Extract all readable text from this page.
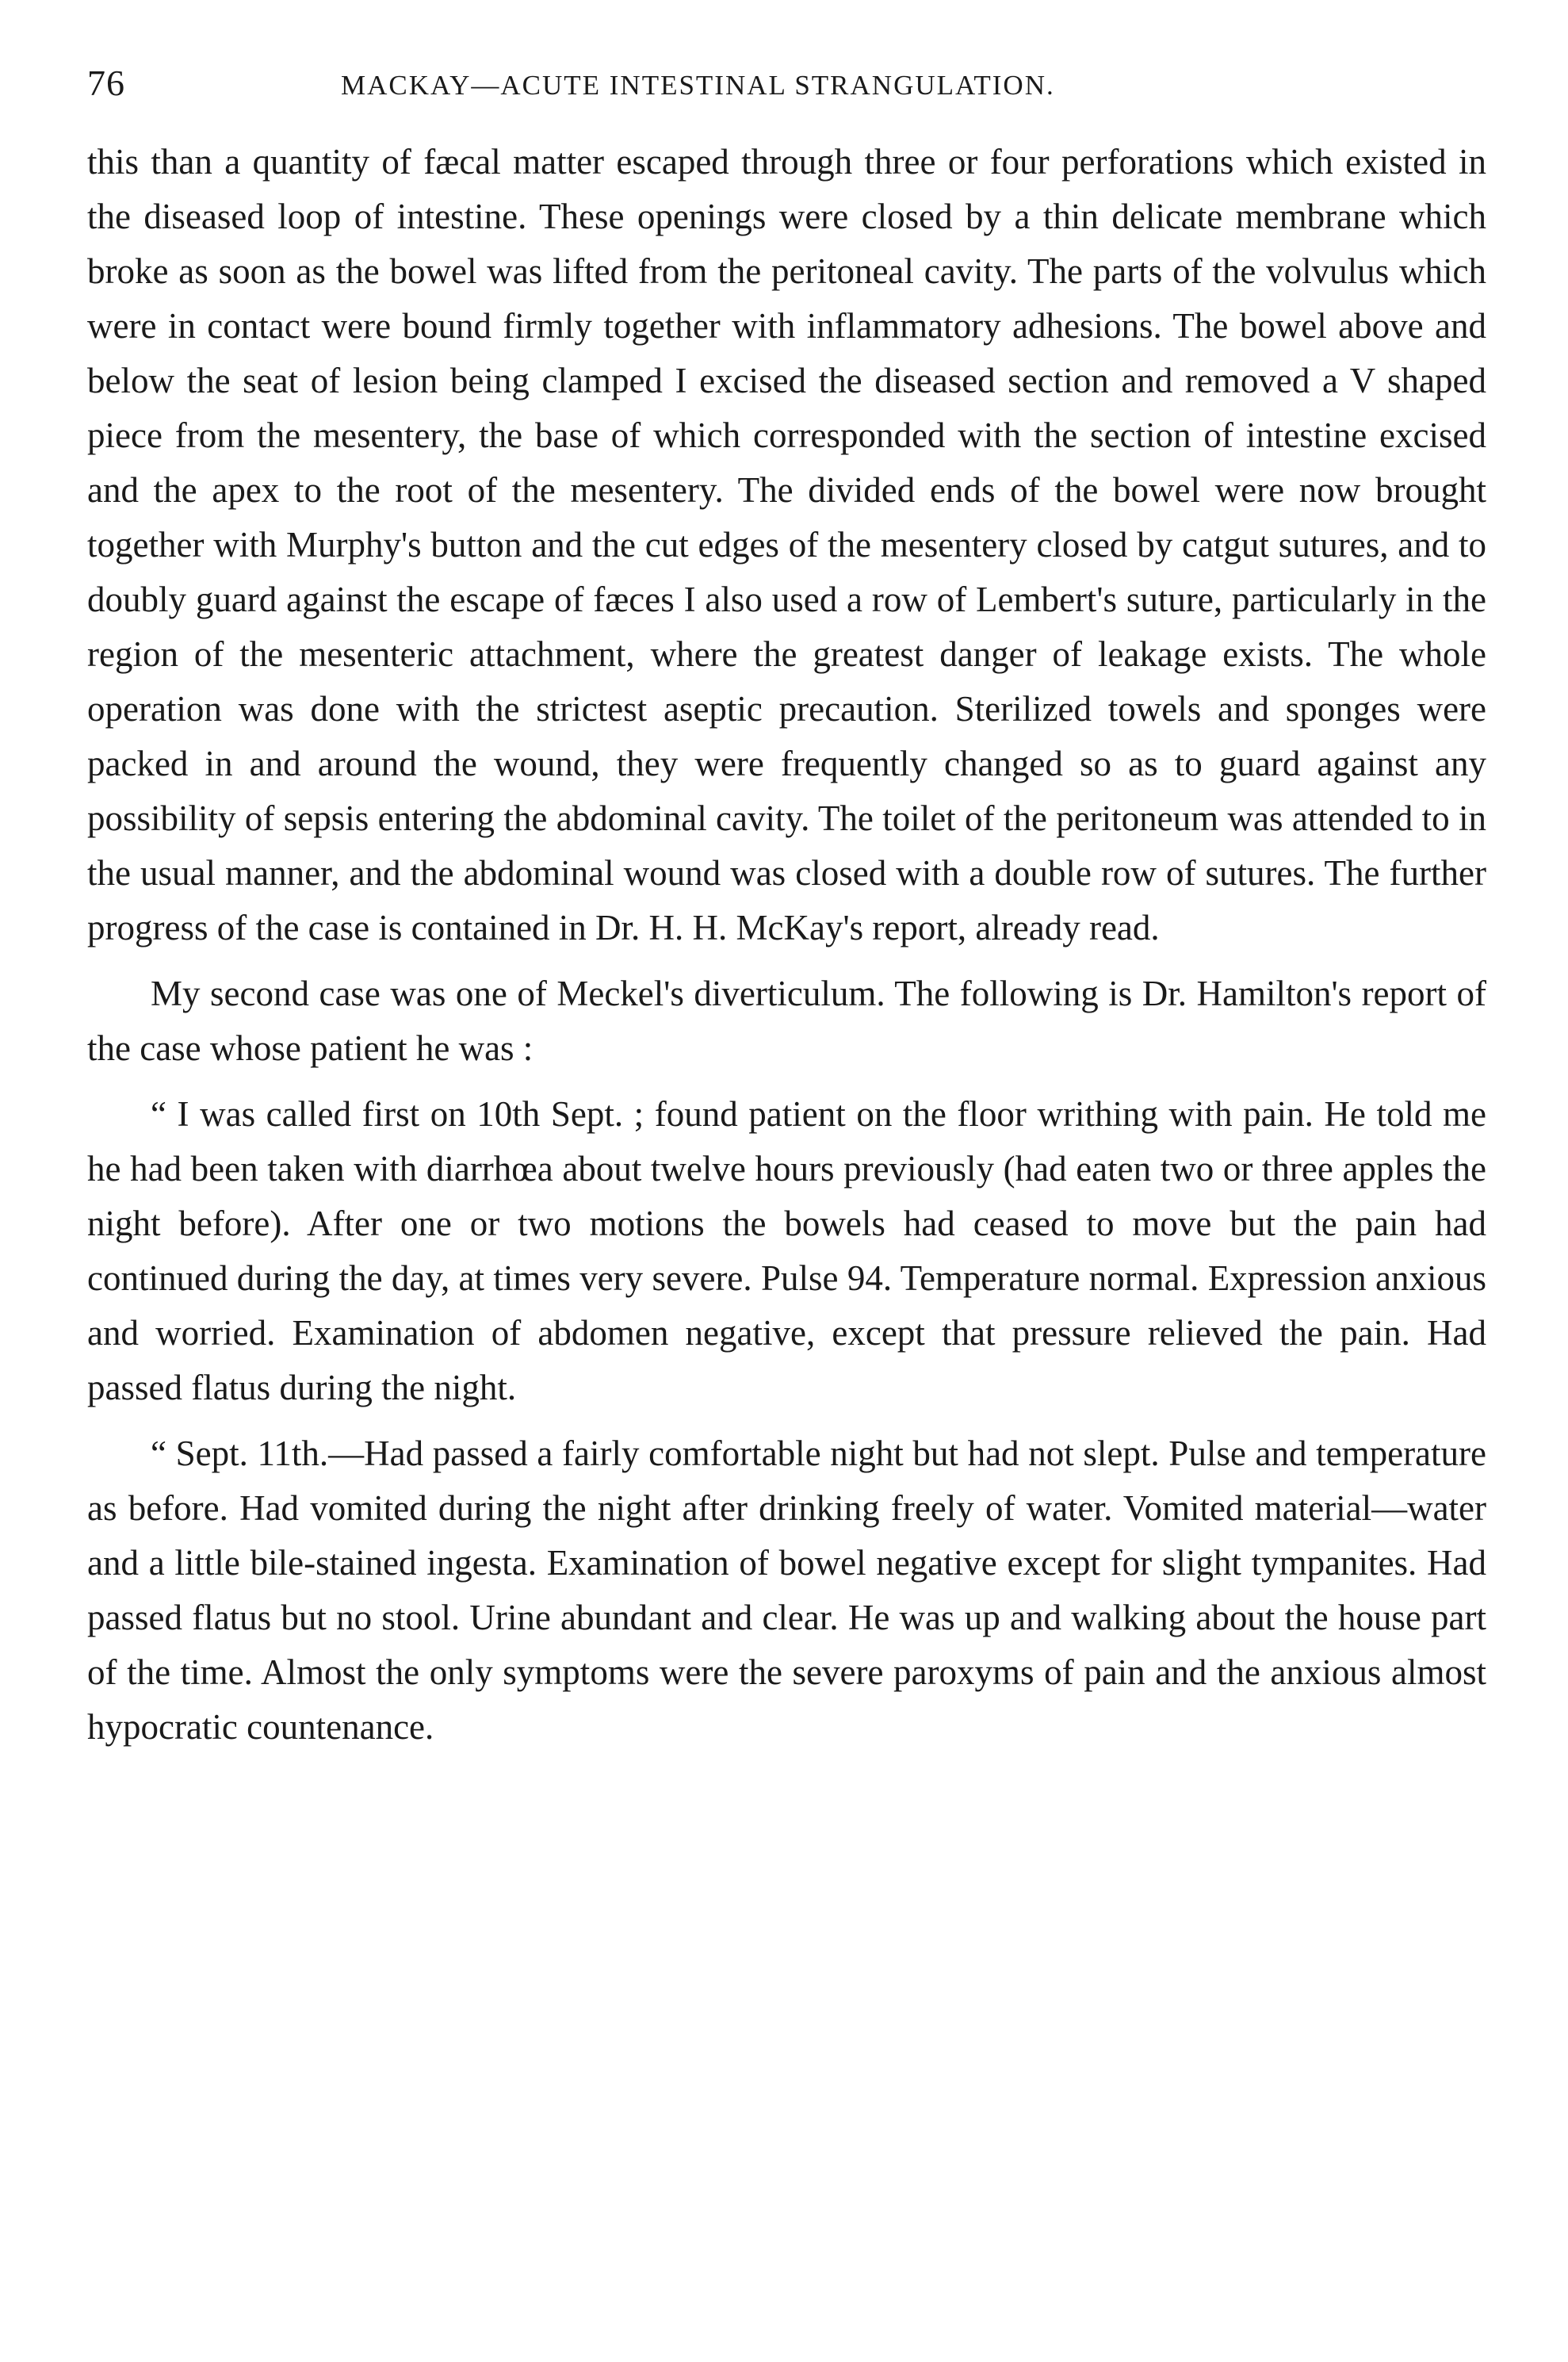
76	MACKAY—ACUTE INTESTINAL STRANGULATION.

this than a quantity of fæcal matter escaped through three or four perforations which existed in the diseased loop of intestine. These openings were closed by a thin delicate membrane which broke as soon as the bowel was lifted from the peritoneal cavity. The parts of the volvulus which were in contact were bound firmly together with inflammatory adhesions. The bowel above and below the seat of lesion being clamped I excised the diseased section and removed a V shaped piece from the mesentery, the base of which corresponded with the section of intestine excised and the apex to the root of the mesentery. The divided ends of the bowel were now brought together with Murphy's button and the cut edges of the mesentery closed by catgut sutures, and to doubly guard against the escape of fæces I also used a row of Lembert's suture, particularly in the region of the mesenteric attachment, where the greatest danger of leakage exists. The whole operation was done with the strictest aseptic precaution. Sterilized towels and sponges were packed in and around the wound, they were frequently changed so as to guard against any possibility of sepsis entering the abdominal cavity. The toilet of the peritoneum was attended to in the usual manner, and the abdominal wound was closed with a double row of sutures. The further progress of the case is contained in Dr. H. H. McKay's report, already read.

My second case was one of Meckel's diverticulum. The following is Dr. Hamilton's report of the case whose patient he was :

“ I was called first on 10th Sept. ; found patient on the floor writhing with pain. He told me he had been taken with diarrhœa about twelve hours previously (had eaten two or three apples the night before). After one or two motions the bowels had ceased to move but the pain had continued during the day, at times very severe. Pulse 94. Temperature normal. Expression anxious and worried. Examination of abdomen negative, except that pressure relieved the pain. Had passed flatus during the night.

“ Sept. 11th.—Had passed a fairly comfortable night but had not slept. Pulse and temperature as before. Had vomited during the night after drinking freely of water. Vomited material—water and a little bile-stained ingesta. Examination of bowel negative except for slight tympanites. Had passed flatus but no stool. Urine abundant and clear. He was up and walking about the house part of the time. Almost the only symptoms were the severe paroxyms of pain and the anxious almost hypocratic countenance.
